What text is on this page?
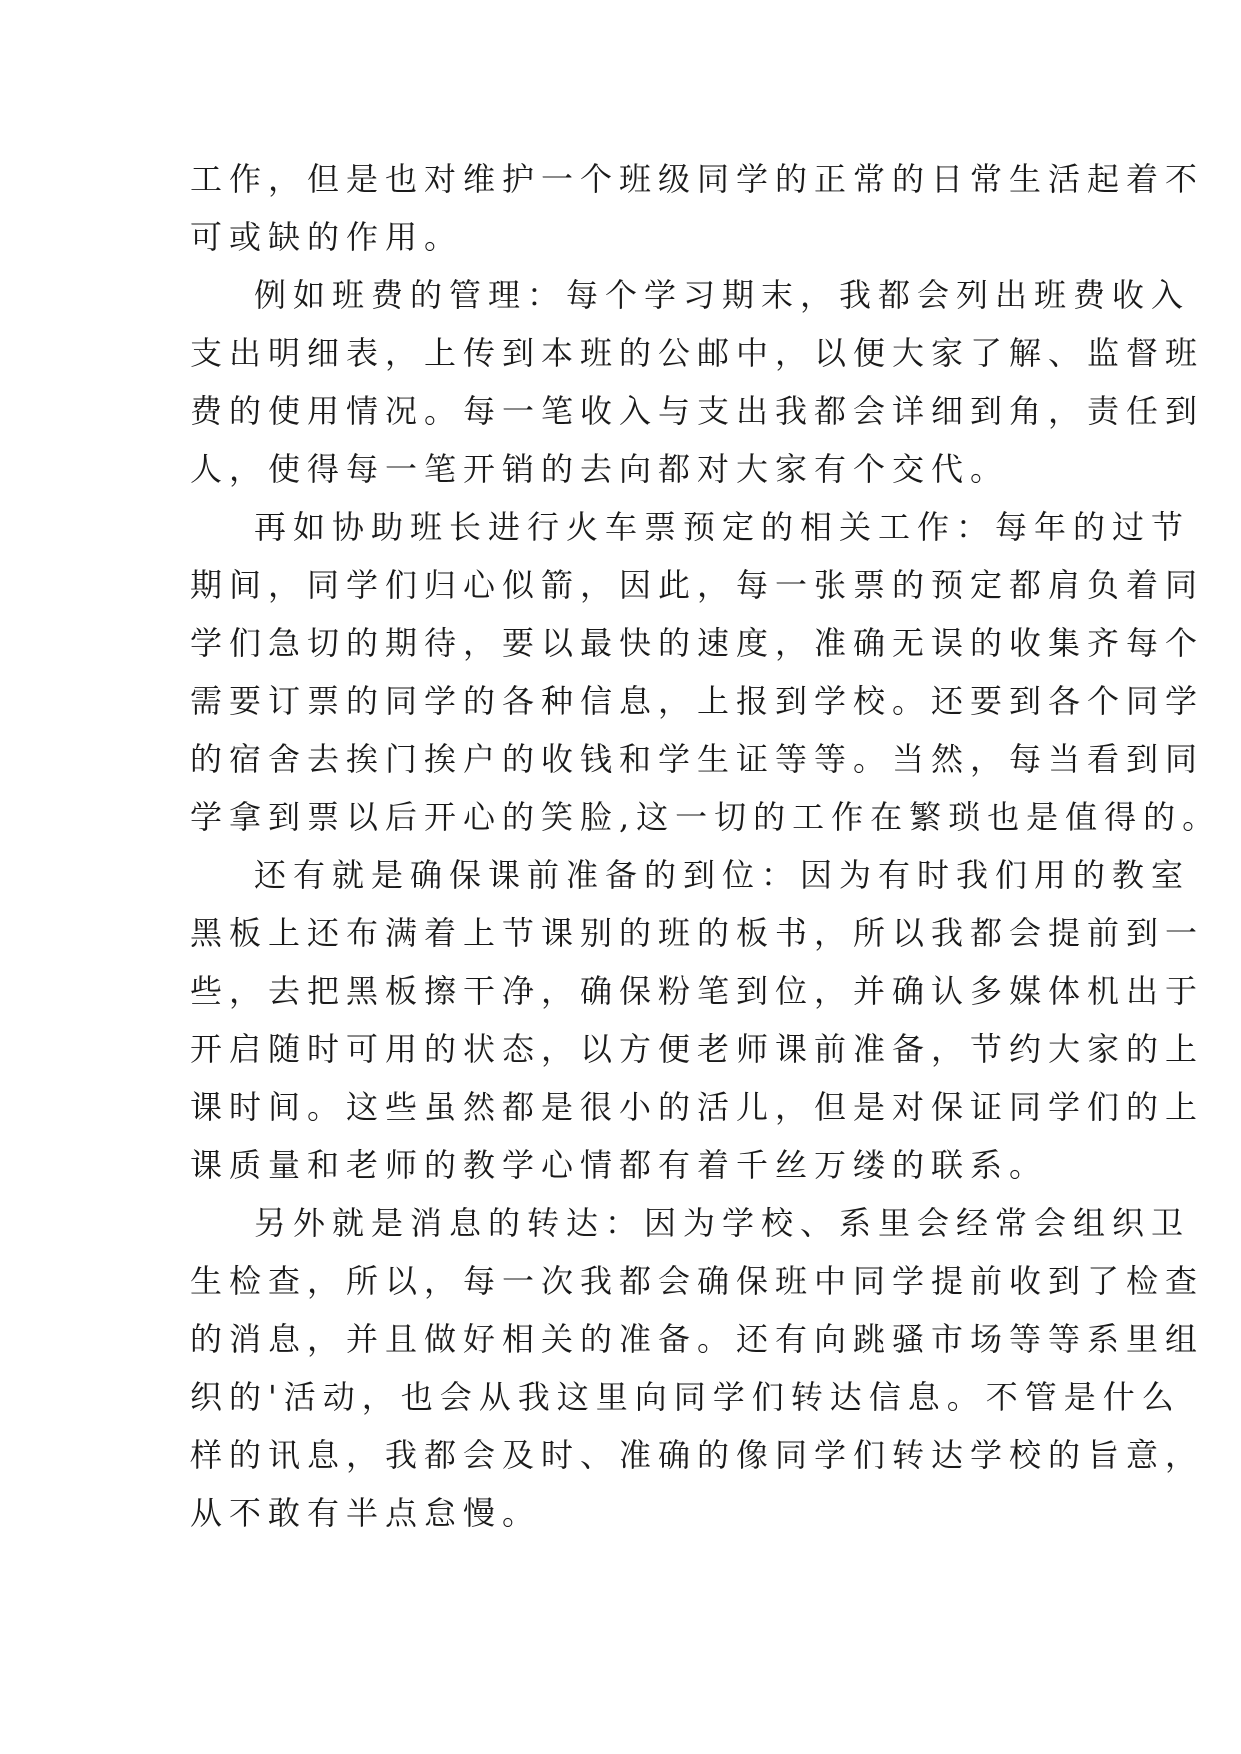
工作，但是也对维护一个班级同学的正常的日常生活起着不
可或缺的作用。
例如班费的管理：每个学习期末，我都会列出班费收入
支出明细表，上传到本班的公邮中，以便大家了解、监督班
费的使用情况。每一笔收入与支出我都会详细到角，责任到
人，使得每一笔开销的去向都对大家有个交代。
再如协助班长进行火车票预定的相关工作：每年的过节
期间，同学们归心似箭，因此，每一张票的预定都肩负着同
学们急切的期待，要以最快的速度，准确无误的收集齐每个
需要订票的同学的各种信息，上报到学校。还要到各个同学
的宿舍去挨门挨户的收钱和学生证等等。当然，每当看到同
学拿到票以后开心的笑脸,这一切的工作在繁琐也是值得的。
还有就是确保课前准备的到位：因为有时我们用的教室
黑板上还布满着上节课别的班的板书，所以我都会提前到一
些，去把黑板擦干净，确保粉笔到位，并确认多媒体机出于
开启随时可用的状态，以方便老师课前准备，节约大家的上
课时间。这些虽然都是很小的活儿，但是对保证同学们的上
课质量和老师的教学心情都有着千丝万缕的联系。
另外就是消息的转达：因为学校、系里会经常会组织卫
生检查，所以，每一次我都会确保班中同学提前收到了检查
的消息，并且做好相关的准备。还有向跳骚市场等等系里组
织的'活动，也会从我这里向同学们转达信息。不管是什么
样的讯息，我都会及时、准确的像同学们转达学校的旨意，
从不敢有半点怠慢。
